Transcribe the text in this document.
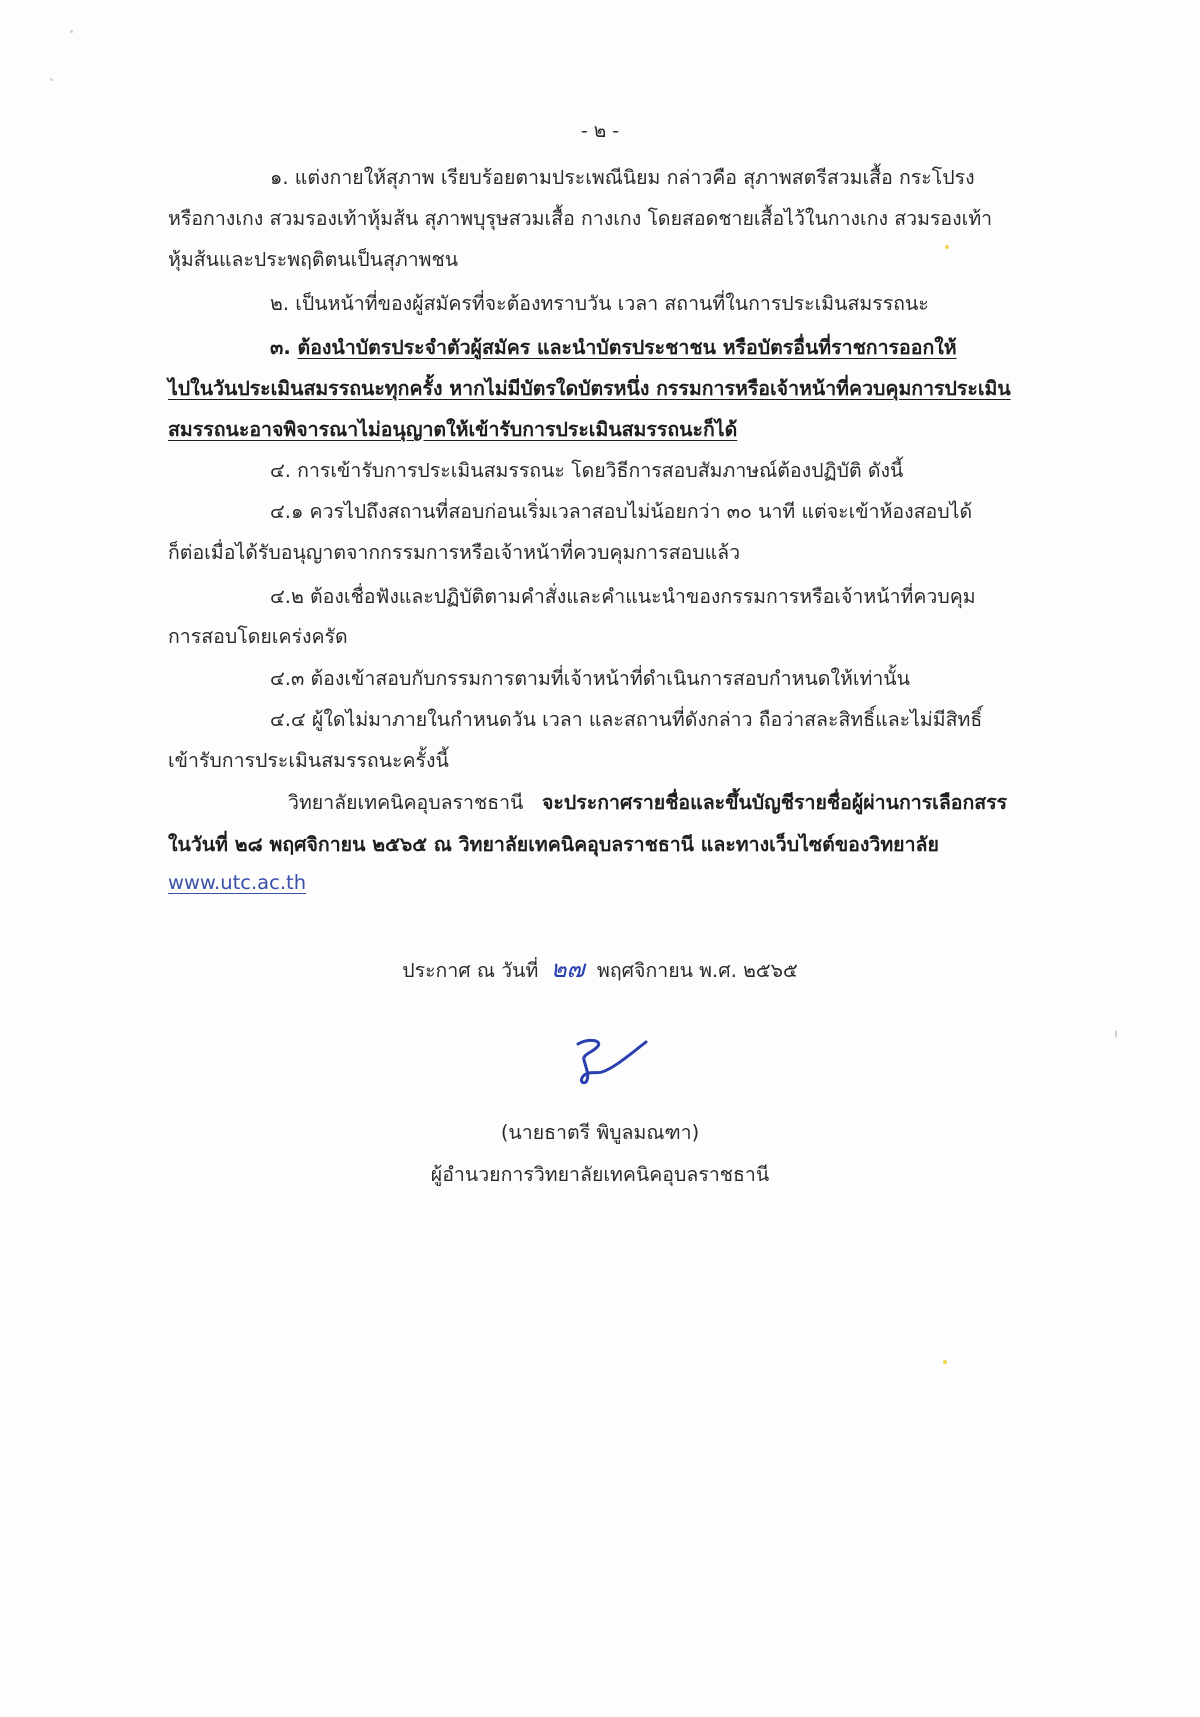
- ๒ -
๑. แต่งกายให้สุภาพ เรียบร้อยตามประเพณีนิยม กล่าวคือ สุภาพสตรีสวมเสื้อ กระโปรง
หรือกางเกง สวมรองเท้าหุ้มส้น สุภาพบุรุษสวมเสื้อ กางเกง โดยสอดชายเสื้อไว้ในกางเกง สวมรองเท้า
หุ้มส้นและประพฤติตนเป็นสุภาพชน
๒. เป็นหน้าที่ของผู้สมัครที่จะต้องทราบวัน เวลา สถานที่ในการประเมินสมรรถนะ
๓. ต้องนำบัตรประจำตัวผู้สมัคร และนำบัตรประชาชน หรือบัตรอื่นที่ราชการออกให้
ไปในวันประเมินสมรรถนะทุกครั้ง หากไม่มีบัตรใดบัตรหนึ่ง กรรมการหรือเจ้าหน้าที่ควบคุมการประเมิน
สมรรถนะอาจพิจารณาไม่อนุญาตให้เข้ารับการประเมินสมรรถนะก็ได้
๔. การเข้ารับการประเมินสมรรถนะ โดยวิธีการสอบสัมภาษณ์ต้องปฏิบัติ ดังนี้
๔.๑ ควรไปถึงสถานที่สอบก่อนเริ่มเวลาสอบไม่น้อยกว่า ๓๐ นาที แต่จะเข้าห้องสอบได้
ก็ต่อเมื่อได้รับอนุญาตจากกรรมการหรือเจ้าหน้าที่ควบคุมการสอบแล้ว
๔.๒ ต้องเชื่อฟังและปฏิบัติตามคำสั่งและคำแนะนำของกรรมการหรือเจ้าหน้าที่ควบคุม
การสอบโดยเคร่งครัด
๔.๓ ต้องเข้าสอบกับกรรมการตามที่เจ้าหน้าที่ดำเนินการสอบกำหนดให้เท่านั้น
๔.๔ ผู้ใดไม่มาภายในกำหนดวัน เวลา และสถานที่ดังกล่าว ถือว่าสละสิทธิ์และไม่มีสิทธิ์
เข้ารับการประเมินสมรรถนะครั้งนี้
วิทยาลัยเทคนิคอุบลราชธานี จะประกาศรายชื่อและขึ้นบัญชีรายชื่อผู้ผ่านการเลือกสรร
ในวันที่ ๒๘ พฤศจิกายน ๒๕๖๕ ณ วิทยาลัยเทคนิคอุบลราชธานี และทางเว็บไซต์ของวิทยาลัย
www.utc.ac.th
ประกาศ ณ วันที่ ๒๗ พฤศจิกายน พ.ศ. ๒๕๖๕
(นายธาตรี พิบูลมณฑา)
ผู้อำนวยการวิทยาลัยเทคนิคอุบลราชธานี
